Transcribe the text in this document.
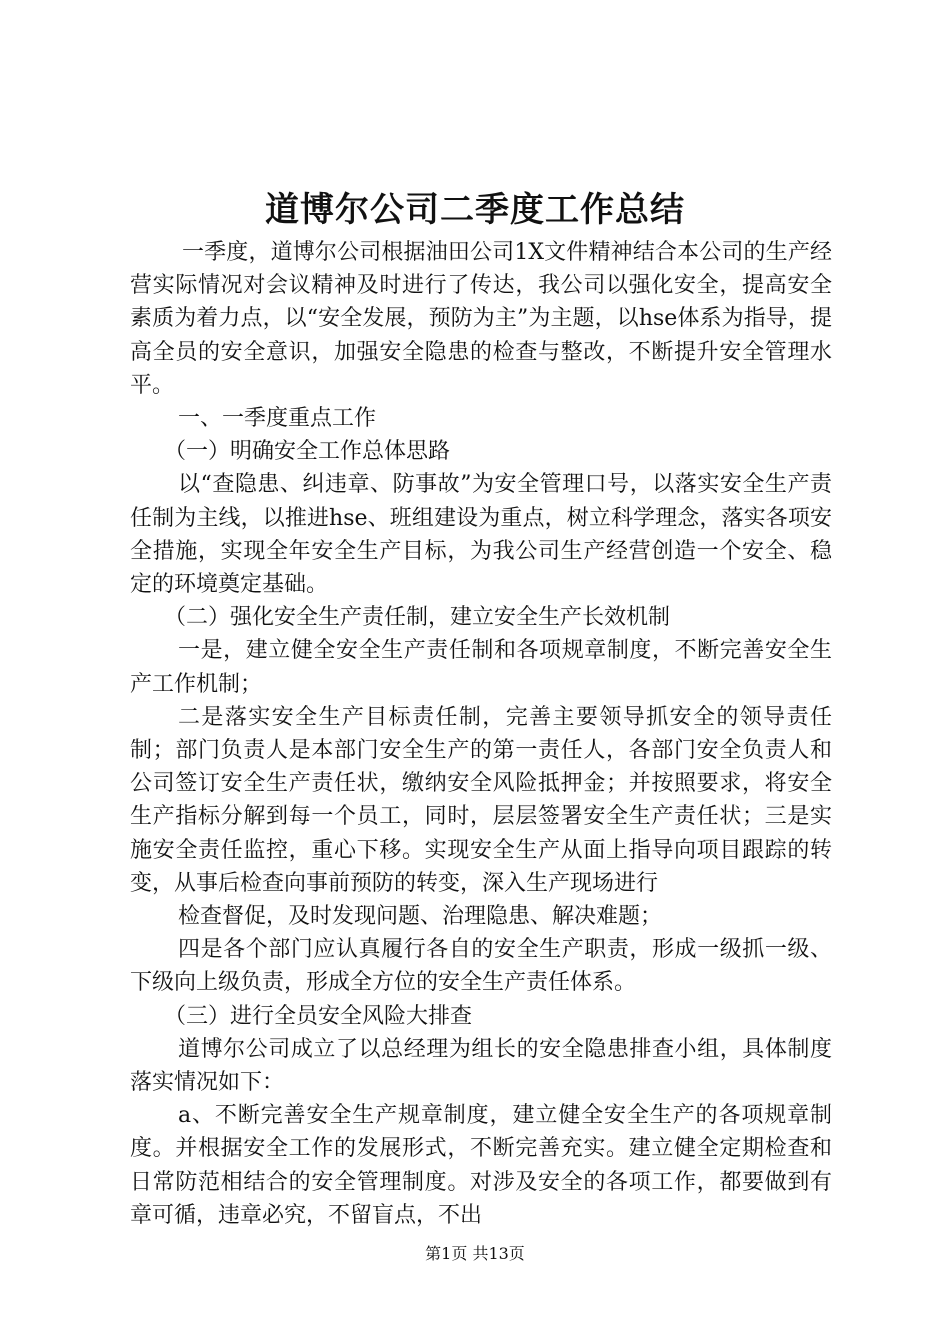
道博尔公司二季度工作总结

一季度，道博尔公司根据油田公司1X文件精神结合本公司的生产经营实际情况对会议精神及时进行了传达，我公司以强化安全，提高安全素质为着力点，以“安全发展，预防为主”为主题，以hse体系为指导，提高全员的安全意识，加强安全隐患的检查与整改，不断提升安全管理水平。

一、一季度重点工作

（一）明确安全工作总体思路

以“查隐患、纠违章、防事故”为安全管理口号，以落实安全生产责任制为主线，以推进hse、班组建设为重点，树立科学理念，落实各项安全措施，实现全年安全生产目标，为我公司生产经营创造一个安全、稳定的环境奠定基础。

（二）强化安全生产责任制，建立安全生产长效机制

一是，建立健全安全生产责任制和各项规章制度，不断完善安全生产工作机制；

二是落实安全生产目标责任制，完善主要领导抓安全的领导责任制；部门负责人是本部门安全生产的第一责任人，各部门安全负责人和公司签订安全生产责任状，缴纳安全风险抵押金；并按照要求，将安全生产指标分解到每一个员工，同时，层层签署安全生产责任状；三是实施安全责任监控，重心下移。实现安全生产从面上指导向项目跟踪的转变，从事后检查向事前预防的转变，深入生产现场进行

检查督促，及时发现问题、治理隐患、解决难题；

四是各个部门应认真履行各自的安全生产职责，形成一级抓一级、下级向上级负责，形成全方位的安全生产责任体系。

（三）进行全员安全风险大排查

道博尔公司成立了以总经理为组长的安全隐患排查小组，具体制度落实情况如下：

a、不断完善安全生产规章制度，建立健全安全生产的各项规章制度。并根据安全工作的发展形式，不断完善充实。建立健全定期检查和日常防范相结合的安全管理制度。对涉及安全的各项工作，都要做到有章可循，违章必究，不留盲点，不出

第1页 共13页
